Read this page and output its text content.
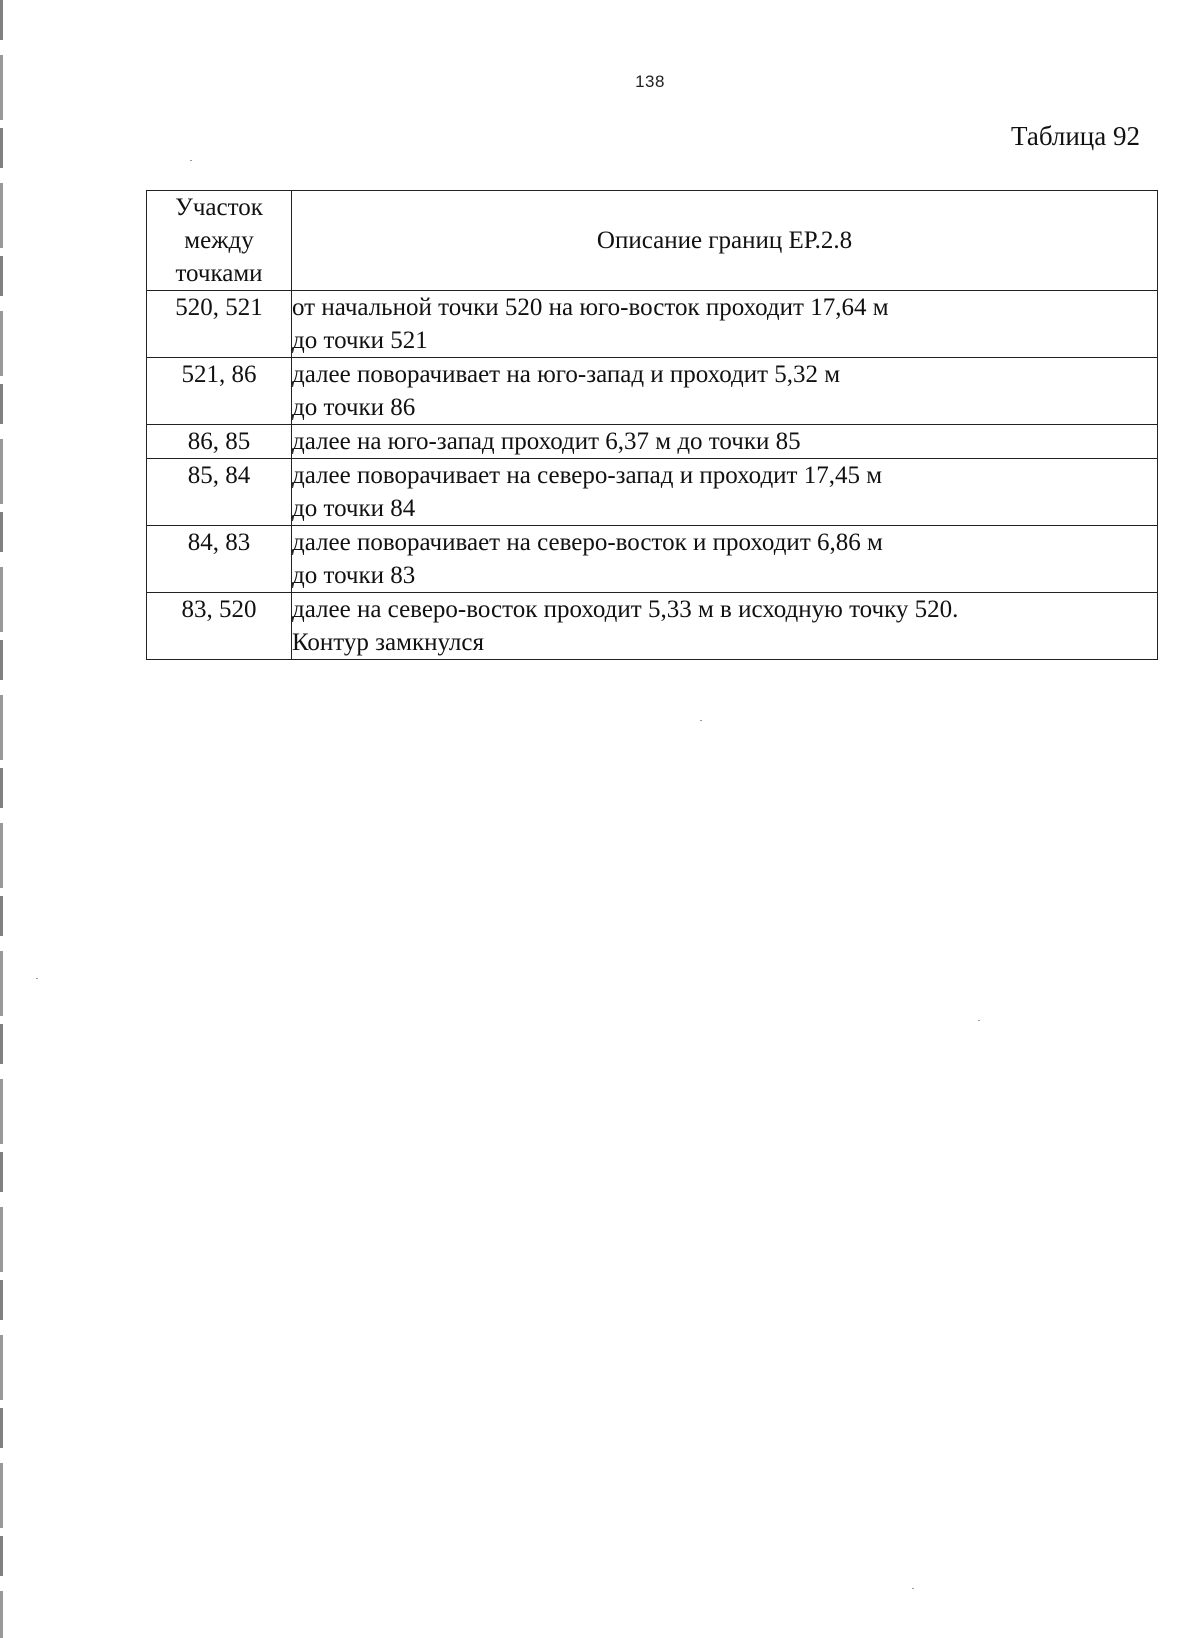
138
Таблица 92
Участок
между
точками	Описание границ ЕР.2.8
520, 521	от начальной точки 520 на юго-восток проходит 17,64 м
до точки 521

521, 86	далее поворачивает на юго-запад и проходит 5,32 м
до точки 86

86, 85	далее на юго-запад проходит 6,37 м до точки 85

85, 84	далее поворачивает на северо-запад и проходит 17,45 м
до точки 84

84, 83	далее поворачивает на северо-восток и проходит 6,86 м
до точки 83

83, 520	далее на северо-восток проходит 5,33 м в исходную точку 520.
Контур замкнулся
